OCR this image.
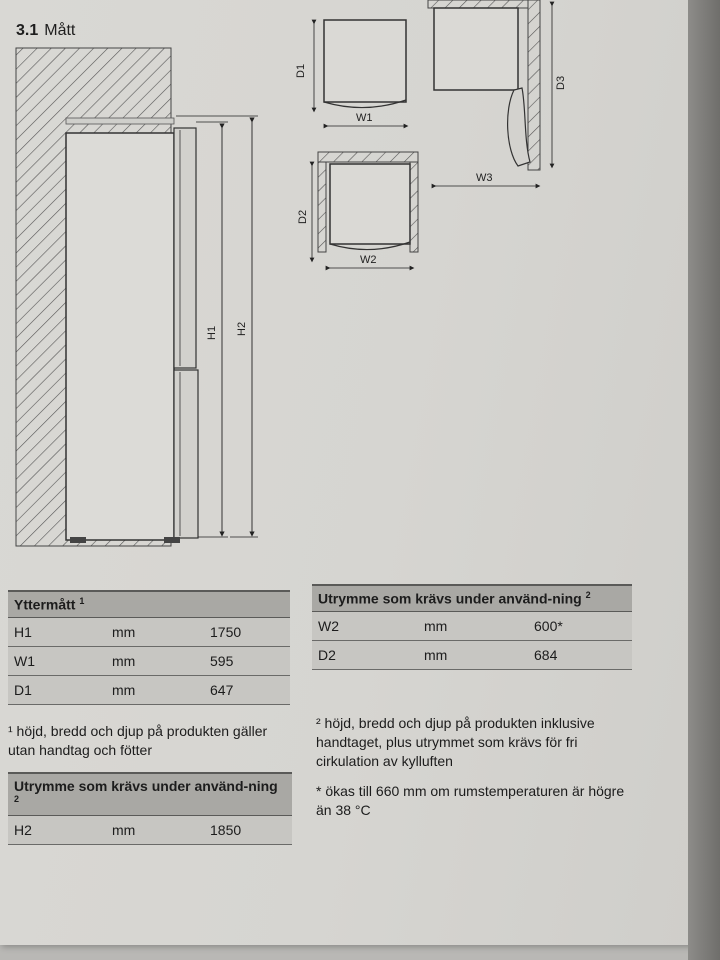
3.1 Mått
H1 H2
D1
W1
D2
W2
D3
W3
Yttermått $^1$
H1	mm	1750
W1	mm	595
D1	mm	647
¹ höjd, bredd och djup på produkten gäller utan handtag och fötter
Utrymme som krävs under använd-ning $^2$
H2	mm	1850
Utrymme som krävs under använd-ning $^2$
W2	mm	600*
D2	mm	684
² höjd, bredd och djup på produkten inklusive handtaget, plus utrymmet som krävs för fri cirkulation av kylluften
* ökas till 660 mm om rumstemperaturen är högre än 38 °C
